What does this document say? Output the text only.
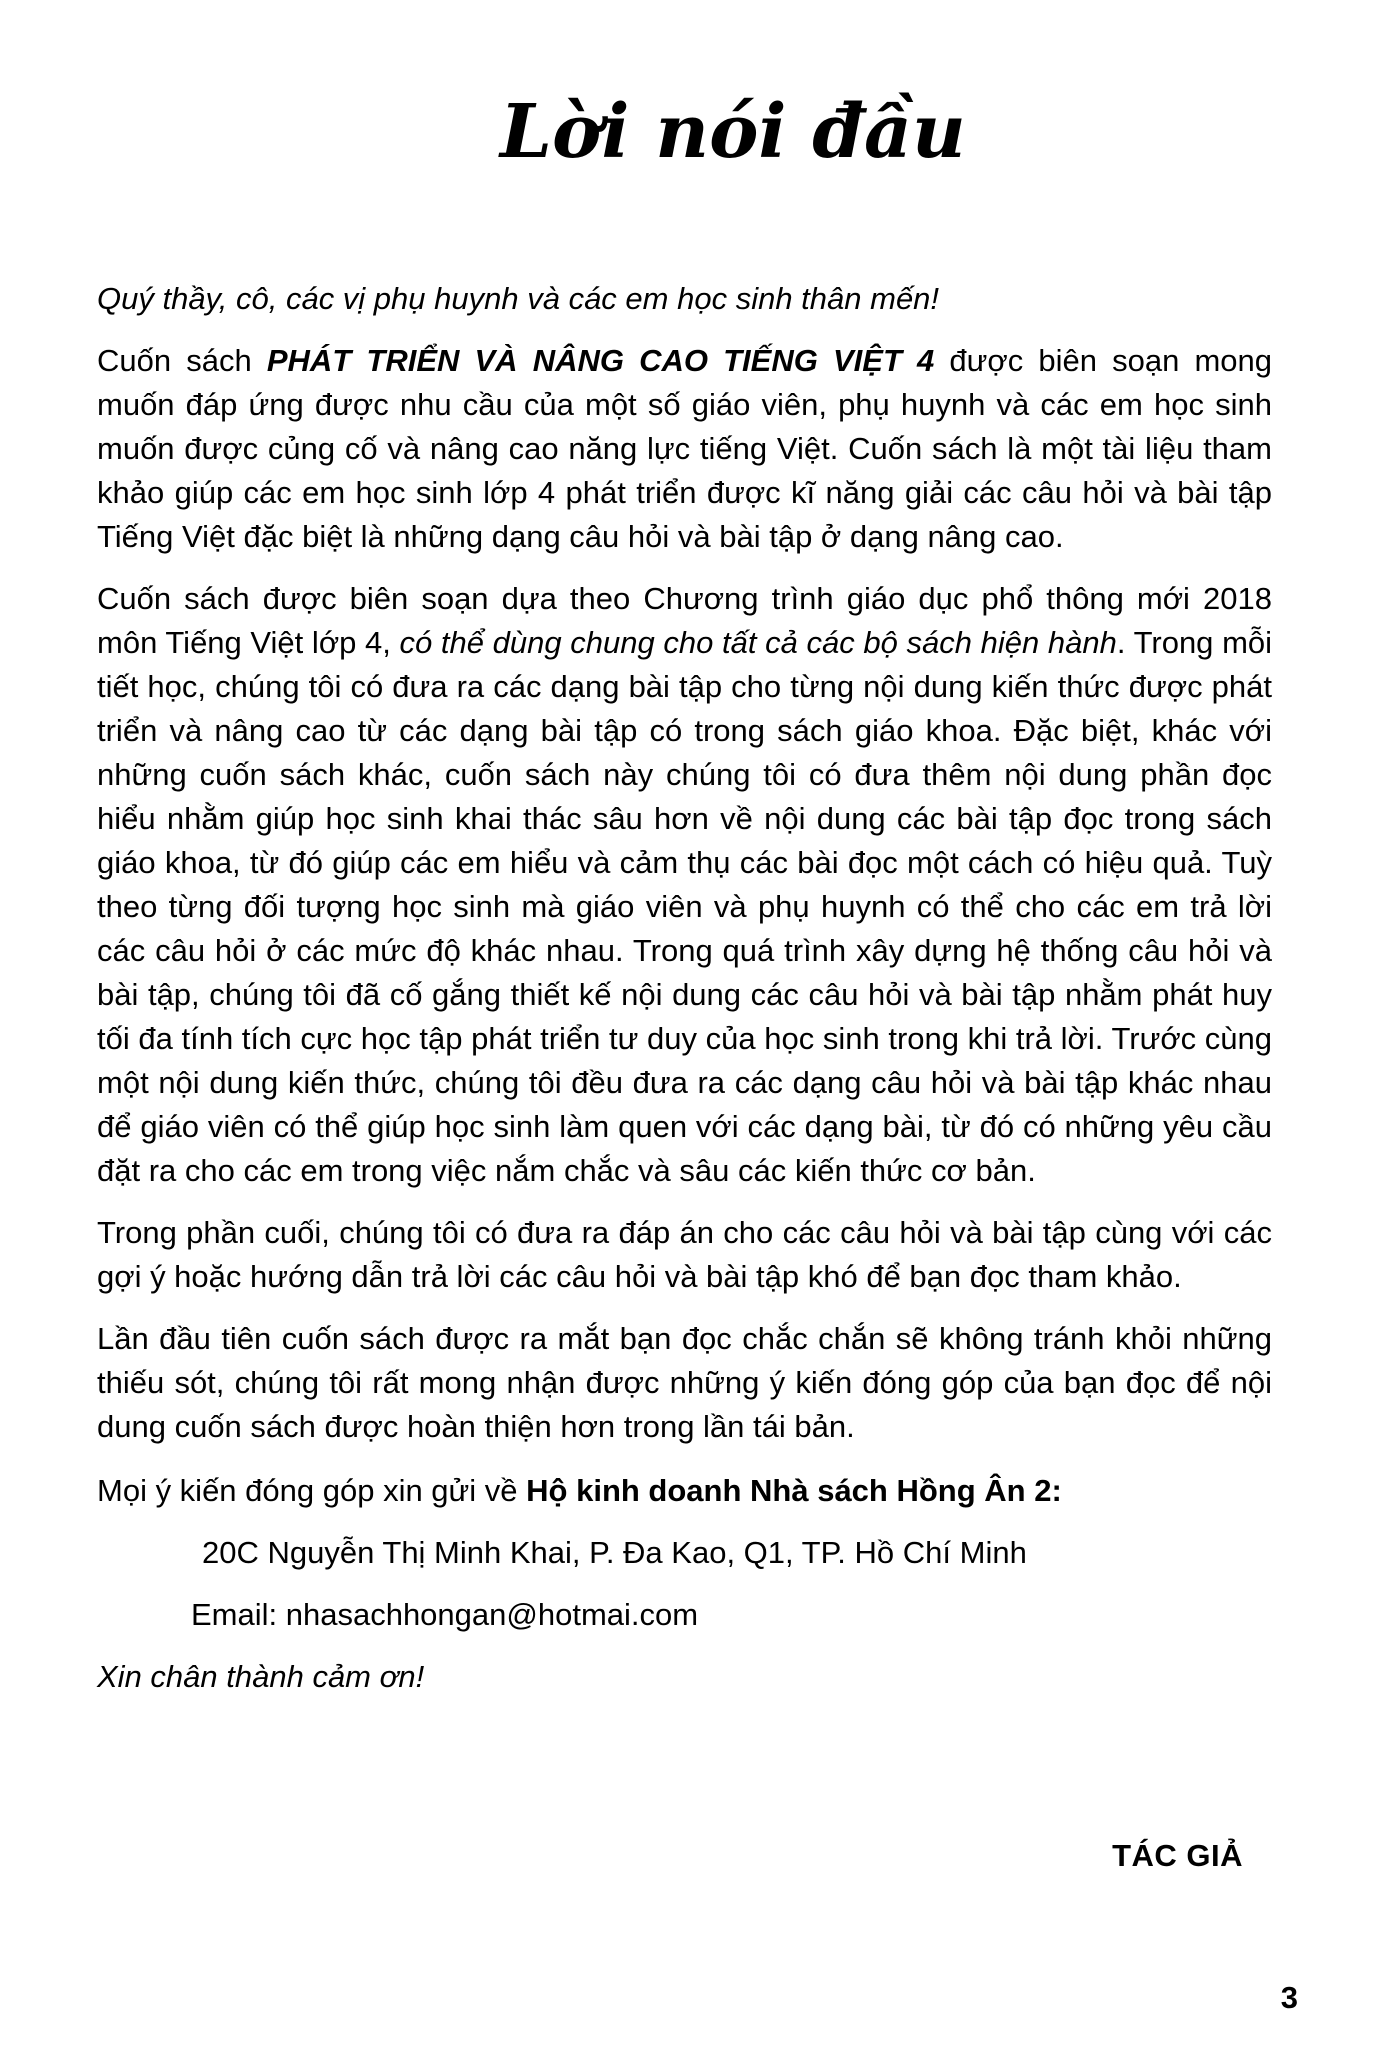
Lời nói đầu

Quý thầy, cô, các vị phụ huynh và các em học sinh thân mến!

Cuốn sách PHÁT TRIỂN VÀ NÂNG CAO TIẾNG VIỆT 4 được biên soạn mong muốn đáp ứng được nhu cầu của một số giáo viên, phụ huynh và các em học sinh muốn được củng cố và nâng cao năng lực tiếng Việt. Cuốn sách là một tài liệu tham khảo giúp các em học sinh lớp 4 phát triển được kĩ năng giải các câu hỏi và bài tập Tiếng Việt đặc biệt là những dạng câu hỏi và bài tập ở dạng nâng cao.

Cuốn sách được biên soạn dựa theo Chương trình giáo dục phổ thông mới 2018 môn Tiếng Việt lớp 4, có thể dùng chung cho tất cả các bộ sách hiện hành. Trong mỗi tiết học, chúng tôi có đưa ra các dạng bài tập cho từng nội dung kiến thức được phát triển và nâng cao từ các dạng bài tập có trong sách giáo khoa. Đặc biệt, khác với những cuốn sách khác, cuốn sách này chúng tôi có đưa thêm nội dung phần đọc hiểu nhằm giúp học sinh khai thác sâu hơn về nội dung các bài tập đọc trong sách giáo khoa, từ đó giúp các em hiểu và cảm thụ các bài đọc một cách có hiệu quả. Tuỳ theo từng đối tượng học sinh mà giáo viên và phụ huynh có thể cho các em trả lời các câu hỏi ở các mức độ khác nhau. Trong quá trình xây dựng hệ thống câu hỏi và bài tập, chúng tôi đã cố gắng thiết kế nội dung các câu hỏi và bài tập nhằm phát huy tối đa tính tích cực học tập phát triển tư duy của học sinh trong khi trả lời. Trước cùng một nội dung kiến thức, chúng tôi đều đưa ra các dạng câu hỏi và bài tập khác nhau để giáo viên có thể giúp học sinh làm quen với các dạng bài, từ đó có những yêu cầu đặt ra cho các em trong việc nắm chắc và sâu các kiến thức cơ bản.

Trong phần cuối, chúng tôi có đưa ra đáp án cho các câu hỏi và bài tập cùng với các gợi ý hoặc hướng dẫn trả lời các câu hỏi và bài tập khó để bạn đọc tham khảo.

Lần đầu tiên cuốn sách được ra mắt bạn đọc chắc chắn sẽ không tránh khỏi những thiếu sót, chúng tôi rất mong nhận được những ý kiến đóng góp của bạn đọc để nội dung cuốn sách được hoàn thiện hơn trong lần tái bản.

Mọi ý kiến đóng góp xin gửi về Hộ kinh doanh Nhà sách Hồng Ân 2:

20C Nguyễn Thị Minh Khai, P. Đa Kao, Q1, TP. Hồ Chí Minh

Email: nhasachhongan@hotmai.com

Xin chân thành cảm ơn!

TÁC GIẢ
3
